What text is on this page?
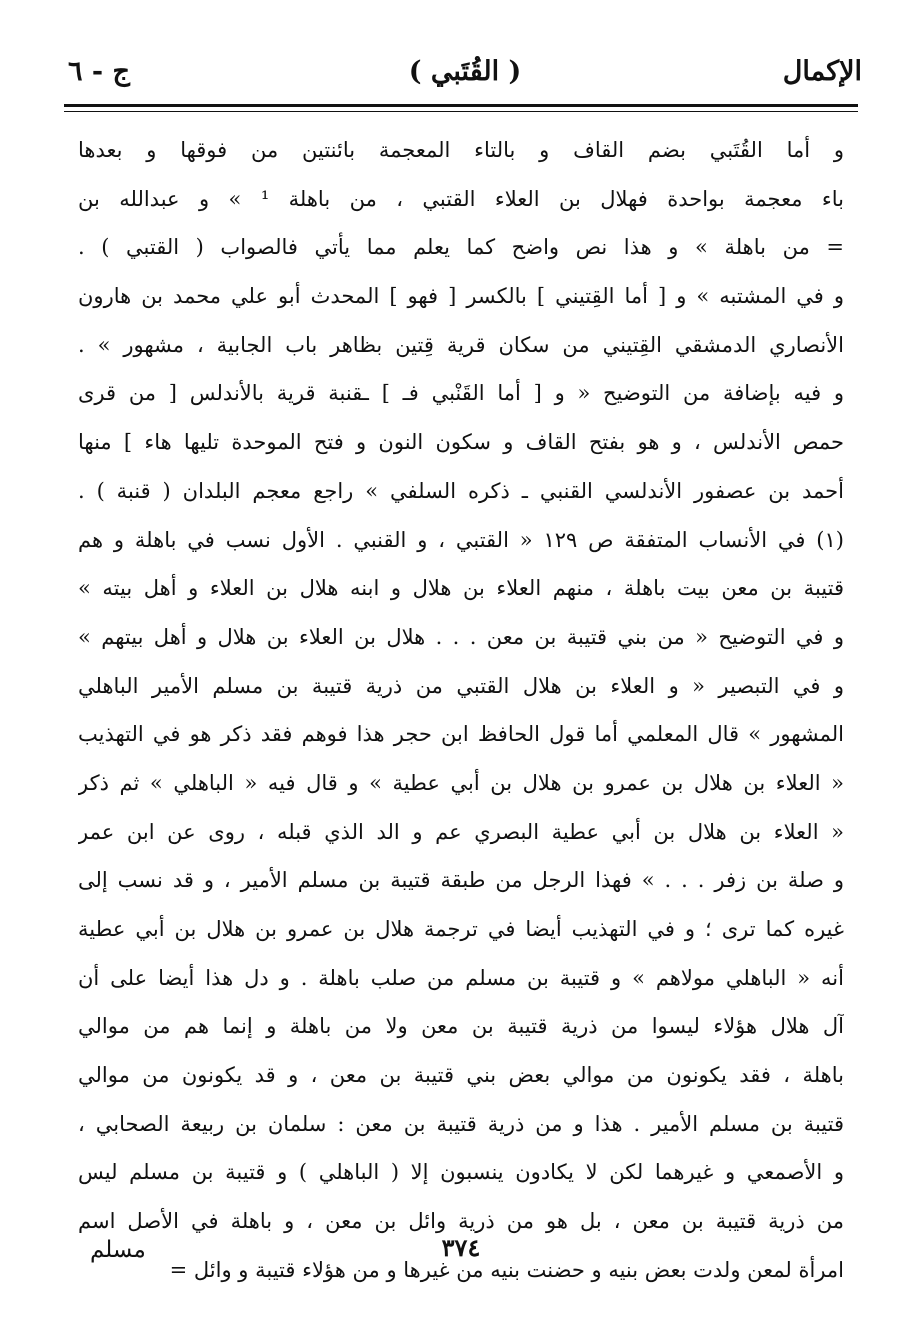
الإكمال
( القُتَبي )
ج - ٦
و أما القُتَبي بضم القاف و بالتاء المعجمة بائنتين من فوقها و بعدها
باء معجمة بواحدة فهلال بن العلاء القتبي ، من باهلة ¹ » و عبدالله بن
= من باهلة » و هذا نص واضح كما يعلم مما يأتي فالصواب ( القتبي ) .
و في المشتبه » و [ أما القِتيني ] بالكسر [ فهو ] المحدث أبو علي محمد بن هارون
الأنصاري الدمشقي القِتيني من سكان قرية قِتين بظاهر باب الجابية ، مشهور » .
و فيه بإضافة من التوضيح « و [ أما القَنْبي فـ ] ـقنبة قرية بالأندلس [ من قرى
حمص الأندلس ، و هو بفتح القاف و سكون النون و فتح الموحدة تليها هاء ] منها
أحمد بن عصفور الأندلسي القنبي ـ ذكره السلفي » راجع معجم البلدان ( قنبة ) .
(١) في الأنساب المتفقة ص ١٢٩ « القتبي ، و القنبي . الأول نسب في باهلة و هم
قتيبة بن معن بيت باهلة ، منهم العلاء بن هلال و ابنه هلال بن العلاء و أهل بيته »
و في التوضيح « من بني قتيبة بن معن . . . هلال بن العلاء بن هلال و أهل بيتهم »
و في التبصير « و العلاء بن هلال القتبي من ذرية قتيبة بن مسلم الأمير الباهلي
المشهور » قال المعلمي أما قول الحافظ ابن حجر هذا فوهم فقد ذكر هو في التهذيب
« العلاء بن هلال بن عمرو بن هلال بن أبي عطية » و قال فيه « الباهلي » ثم ذكر
« العلاء بن هلال بن أبي عطية البصري عم و الد الذي قبله ، روى عن ابن عمر
و صلة بن زفر . . . » فهذا الرجل من طبقة قتيبة بن مسلم الأمير ، و قد نسب إلى
غيره كما ترى ؛ و في التهذيب أيضا في ترجمة هلال بن عمرو بن هلال بن أبي عطية
أنه « الباهلي مولاهم » و قتيبة بن مسلم من صلب باهلة . و دل هذا أيضا على أن
آل هلال هؤلاء ليسوا من ذرية قتيبة بن معن ولا من باهلة و إنما هم من موالي
باهلة ، فقد يكونون من موالي بعض بني قتيبة بن معن ، و قد يكونون من موالي
قتيبة بن مسلم الأمير . هذا و من ذرية قتيبة بن معن : سلمان بن ربيعة الصحابي ،
و الأصمعي و غيرهما لكن لا يكادون ينسبون إلا ( الباهلي ) و قتيبة بن مسلم ليس
من ذرية قتيبة بن معن ، بل هو من ذرية وائل بن معن ، و باهلة في الأصل اسم
امرأة لمعن ولدت بعض بنيه و حضنت بنيه من غيرها و من هؤلاء قتيبة و وائل =
٣٧٤
مسلم
